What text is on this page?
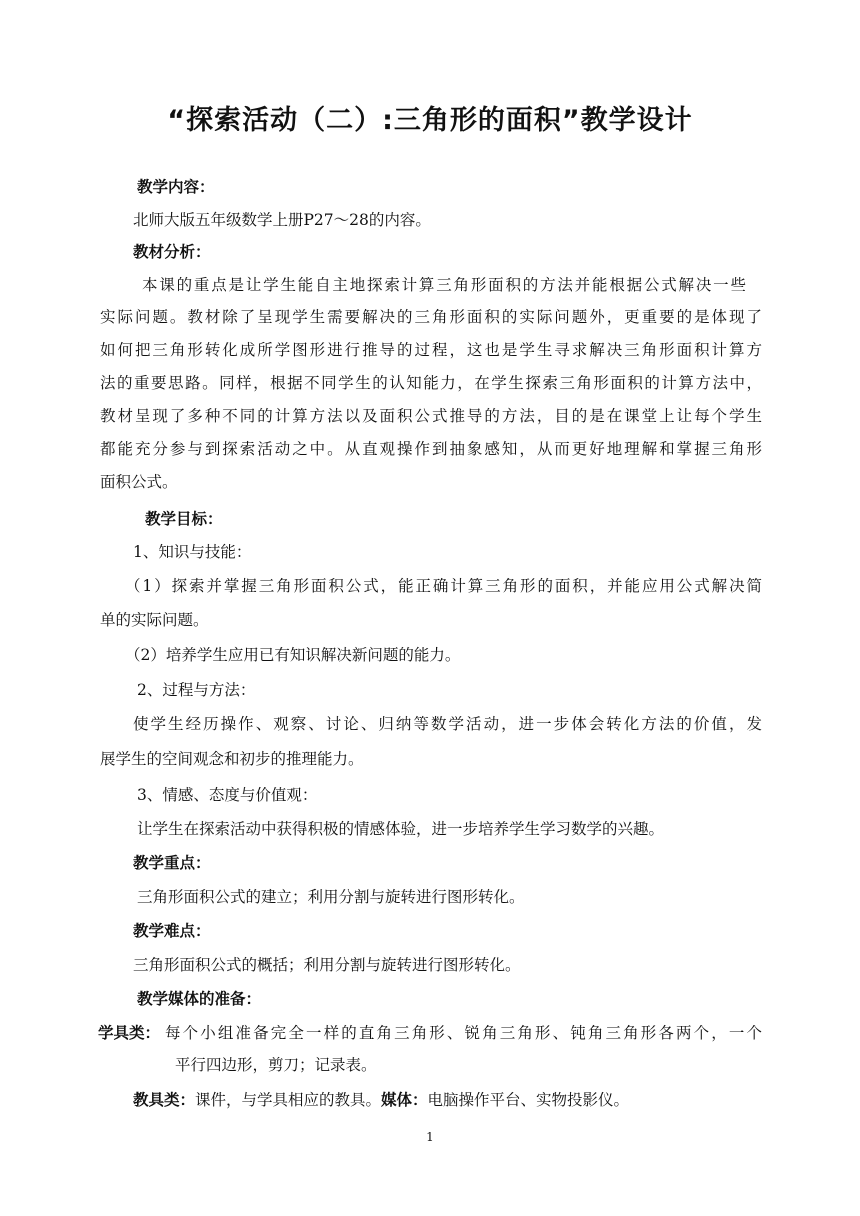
“探索活动（二）:三角形的面积”教学设计
教学内容：
北师大版五年级数学上册P27～28的内容。
教材分析：
本课的重点是让学生能自主地探索计算三角形面积的方法并能根据公式解决一些
实际问题。教材除了呈现学生需要解决的三角形面积的实际问题外，更重要的是体现了
如何把三角形转化成所学图形进行推导的过程，这也是学生寻求解决三角形面积计算方
法的重要思路。同样，根据不同学生的认知能力，在学生探索三角形面积的计算方法中，
教材呈现了多种不同的计算方法以及面积公式推导的方法，目的是在课堂上让每个学生
都能充分参与到探索活动之中。从直观操作到抽象感知，从而更好地理解和掌握三角形
面积公式。
教学目标：
1、知识与技能：
（1）探索并掌握三角形面积公式，能正确计算三角形的面积，并能应用公式解决简
单的实际问题。
（2）培养学生应用已有知识解决新问题的能力。
2、过程与方法：
使学生经历操作、观察、讨论、归纳等数学活动，进一步体会转化方法的价值，发
展学生的空间观念和初步的推理能力。
3、情感、态度与价值观：
让学生在探索活动中获得积极的情感体验，进一步培养学生学习数学的兴趣。
教学重点：
三角形面积公式的建立；利用分割与旋转进行图形转化。
教学难点：
三角形面积公式的概括；利用分割与旋转进行图形转化。
教学媒体的准备：
学具类： 每个小组准备完全一样的直角三角形、锐角三角形、钝角三角形各两个，一个
平行四边形，剪刀；记录表。
教具类：课件，与学具相应的教具。媒体：电脑操作平台、实物投影仪。
1
